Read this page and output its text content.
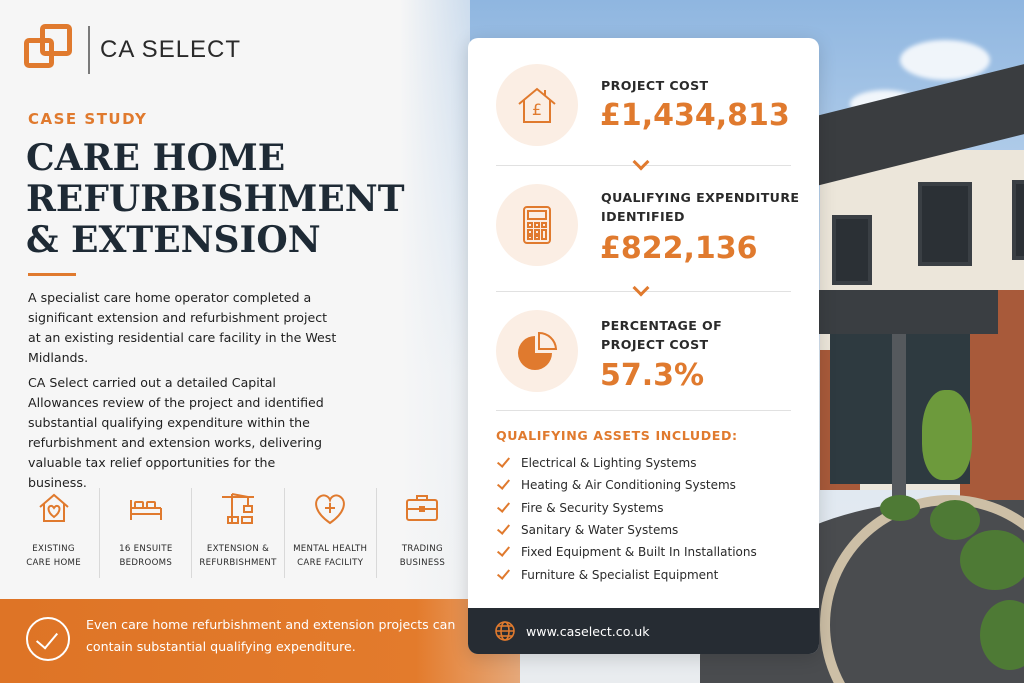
CA SELECT
CASE STUDY
CARE HOME
REFURBISHMENT
& EXTENSION

A specialist care home operator completed a significant extension and refurbishment project at an existing residential care facility in the West Midlands.

CA Select carried out a detailed Capital Allowances review of the project and identified substantial qualifying expenditure within the refurbishment and extension works, delivering valuable tax relief opportunities for the business.

EXISTING
CARE HOME
16 ENSUITE
BEDROOMS
EXTENSION &
REFURBISHMENT
MENTAL HEALTH
CARE FACILITY
TRADING
BUSINESS
Even care home refurbishment and extension projects can contain substantial qualifying expenditure.
£
PROJECT COST
£1,434,813
QUALIFYING EXPENDITURE
IDENTIFIED
£822,136
PERCENTAGE OF
PROJECT COST
57.3%
QUALIFYING ASSETS INCLUDED:
Electrical & Lighting Systems
Heating & Air Conditioning Systems
Fire & Security Systems
Sanitary & Water Systems
Fixed Equipment & Built In Installations
Furniture & Specialist Equipment
www.caselect.co.uk
